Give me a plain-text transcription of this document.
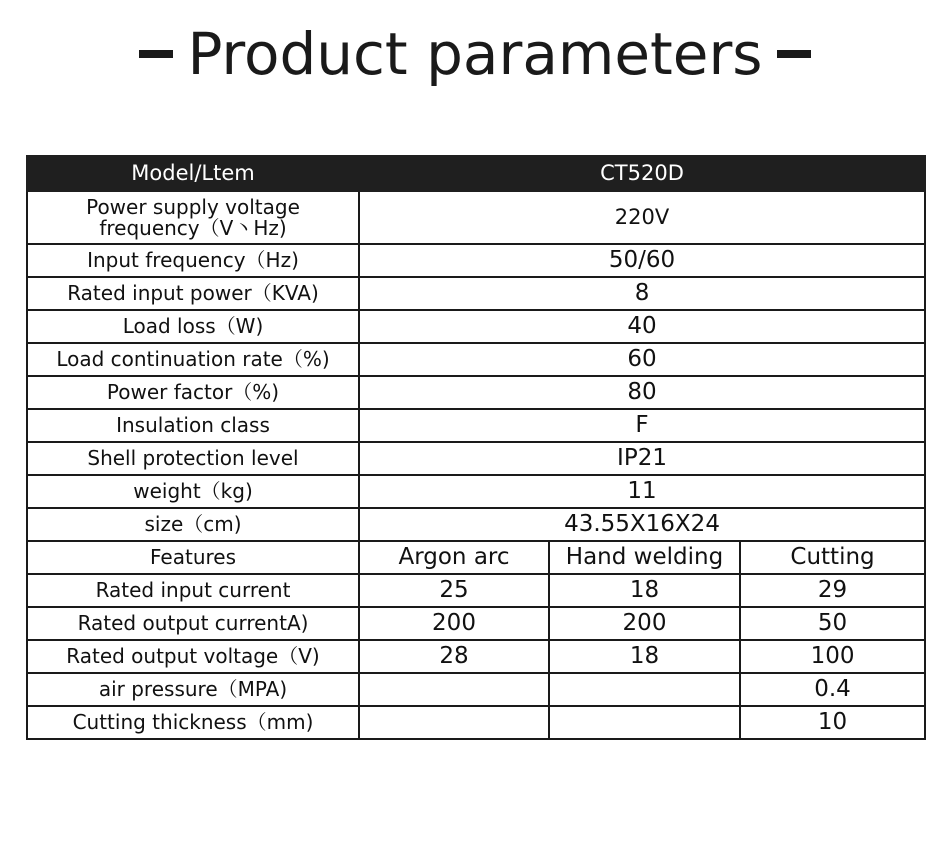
Product parameters
Model/Ltem	CT520D		
Power supply voltage
frequency（V丶Hz)	220V		
Input frequency（Hz)	50/60		
Rated input power（KVA)	8		
Load loss（W)	40		
Load continuation rate（%)	60		
Power factor（%)	80		
Insulation class	F		
Shell protection level	IP21		
weight（kg)	11		
size（cm)	43.55X16X24		
Features	Argon arc	Hand welding	Cutting
Rated input current	25	18	29
Rated output currentA)	200	200	50
Rated output voltage（V)	28	18	100
air pressure（MPA)			0.4
Cutting thickness（mm)			10
